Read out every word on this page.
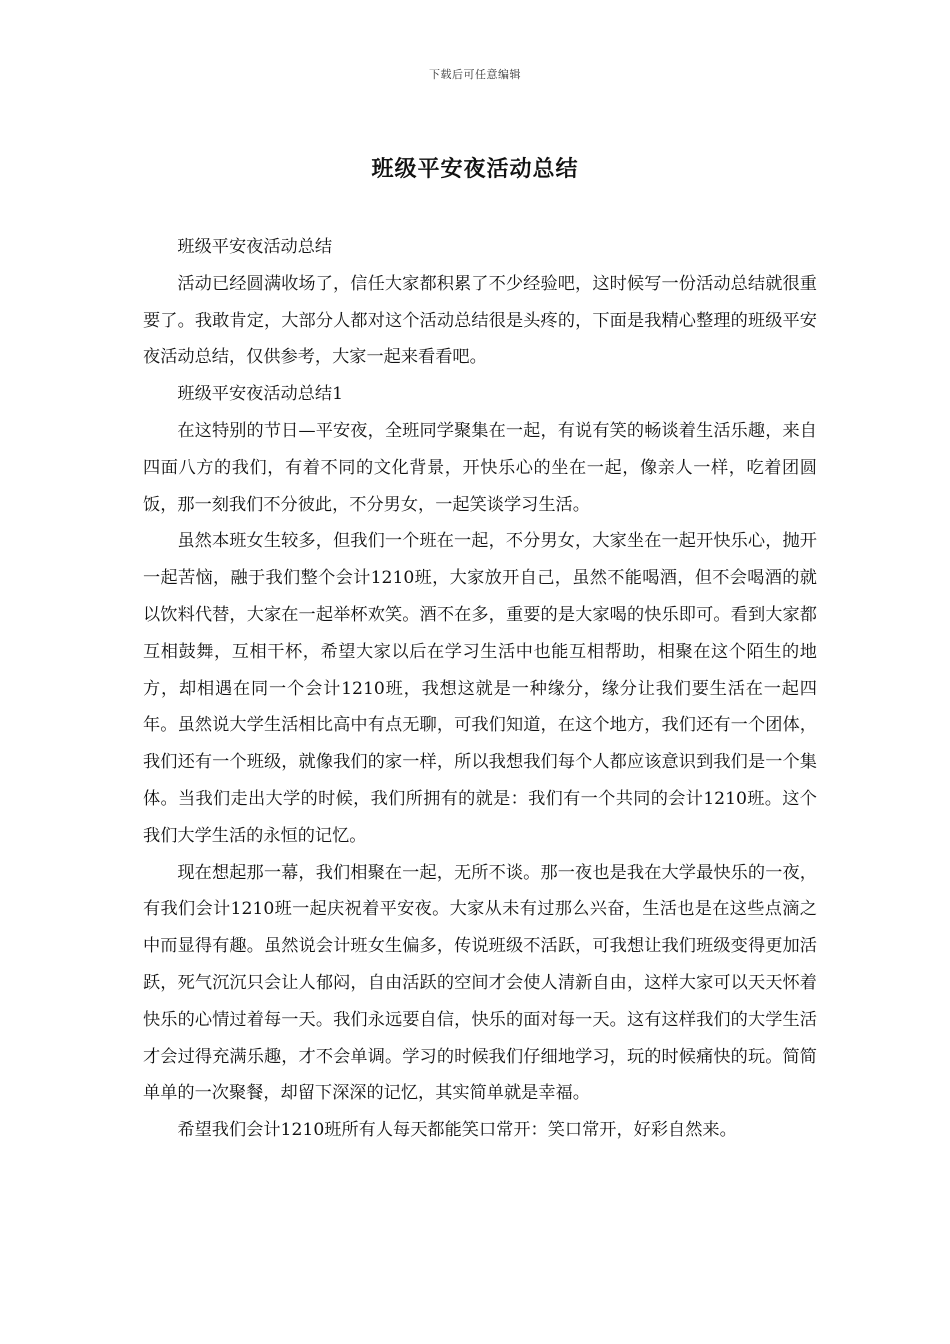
下载后可任意编辑
班级平安夜活动总结

班级平安夜活动总结

活动已经圆满收场了，信任大家都积累了不少经验吧，这时候写一份活动总结就很重要了。我敢肯定，大部分人都对这个活动总结很是头疼的，下面是我精心整理的班级平安夜活动总结，仅供参考，大家一起来看看吧。

班级平安夜活动总结1

在这特别的节日—平安夜，全班同学聚集在一起，有说有笑的畅谈着生活乐趣，来自四面八方的我们，有着不同的文化背景，开快乐心的坐在一起，像亲人一样，吃着团圆饭，那一刻我们不分彼此，不分男女，一起笑谈学习生活。

虽然本班女生较多，但我们一个班在一起，不分男女，大家坐在一起开快乐心，抛开一起苦恼，融于我们整个会计1210班，大家放开自己，虽然不能喝酒，但不会喝酒的就以饮料代替，大家在一起举杯欢笑。酒不在多，重要的是大家喝的快乐即可。看到大家都互相鼓舞，互相干杯，希望大家以后在学习生活中也能互相帮助，相聚在这个陌生的地方，却相遇在同一个会计1210班，我想这就是一种缘分，缘分让我们要生活在一起四年。虽然说大学生活相比高中有点无聊，可我们知道，在这个地方，我们还有一个团体，我们还有一个班级，就像我们的家一样，所以我想我们每个人都应该意识到我们是一个集体。当我们走出大学的时候，我们所拥有的就是：我们有一个共同的会计1210班。这个我们大学生活的永恒的记忆。

现在想起那一幕，我们相聚在一起，无所不谈。那一夜也是我在大学最快乐的一夜，有我们会计1210班一起庆祝着平安夜。大家从未有过那么兴奋，生活也是在这些点滴之中而显得有趣。虽然说会计班女生偏多，传说班级不活跃，可我想让我们班级变得更加活跃，死气沉沉只会让人郁闷，自由活跃的空间才会使人清新自由，这样大家可以天天怀着快乐的心情过着每一天。我们永远要自信，快乐的面对每一天。这有这样我们的大学生活才会过得充满乐趣，才不会单调。学习的时候我们仔细地学习，玩的时候痛快的玩。简简单单的一次聚餐，却留下深深的记忆，其实简单就是幸福。

希望我们会计1210班所有人每天都能笑口常开：笑口常开，好彩自然来。
